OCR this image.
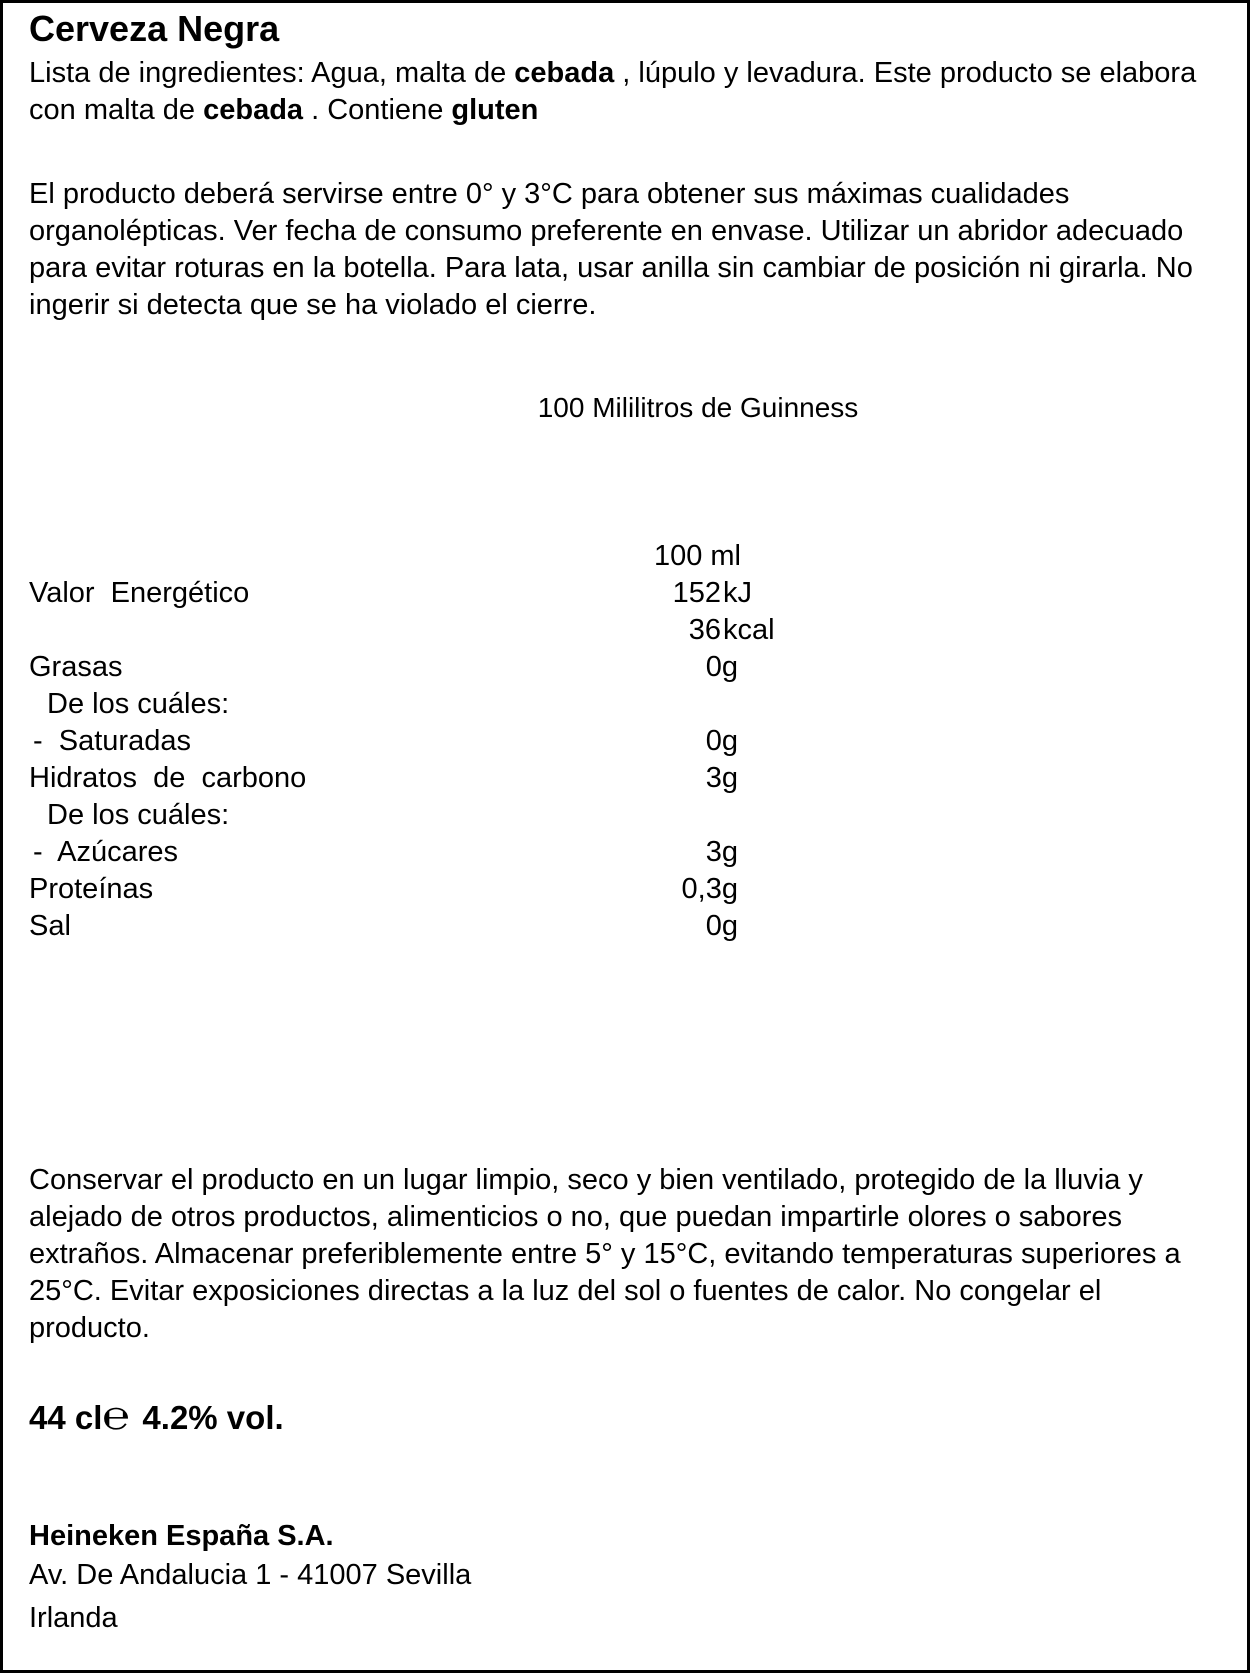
Cerveza Negra
Lista de ingredientes: Agua, malta de cebada , lúpulo y levadura. Este producto se elabora con malta de cebada . Contiene gluten
El producto deberá servirse entre 0° y 3°C para obtener sus máximas cualidades organolépticas. Ver fecha de consumo preferente en envase. Utilizar un abridor adecuado para evitar roturas en la botella. Para lata, usar anilla sin cambiar de posición ni girarla. No ingerir si detecta que se ha violado el cierre.
100 Mililitros de Guinness
100 ml
Valor  Energético	152 kJ
36 kcal
Grasas	0g
De los cuáles:
-  Saturadas	0g
Hidratos  de  carbono	3g
De los cuáles:
-  Azúcares	3g
Proteínas	0,3g
Sal	0g
Conservar el producto en un lugar limpio, seco y bien ventilado, protegido de la lluvia y alejado de otros productos, alimenticios o no, que puedan impartirle olores o sabores extraños. Almacenar preferiblemente entre 5° y 15°C, evitando temperaturas superiores a 25°C. Evitar exposiciones directas a la luz del sol o fuentes de calor. No congelar el producto.
44 cl℮ 4.2% vol.
Heineken España S.A.
Av. De Andalucia 1 - 41007 Sevilla
Irlanda
